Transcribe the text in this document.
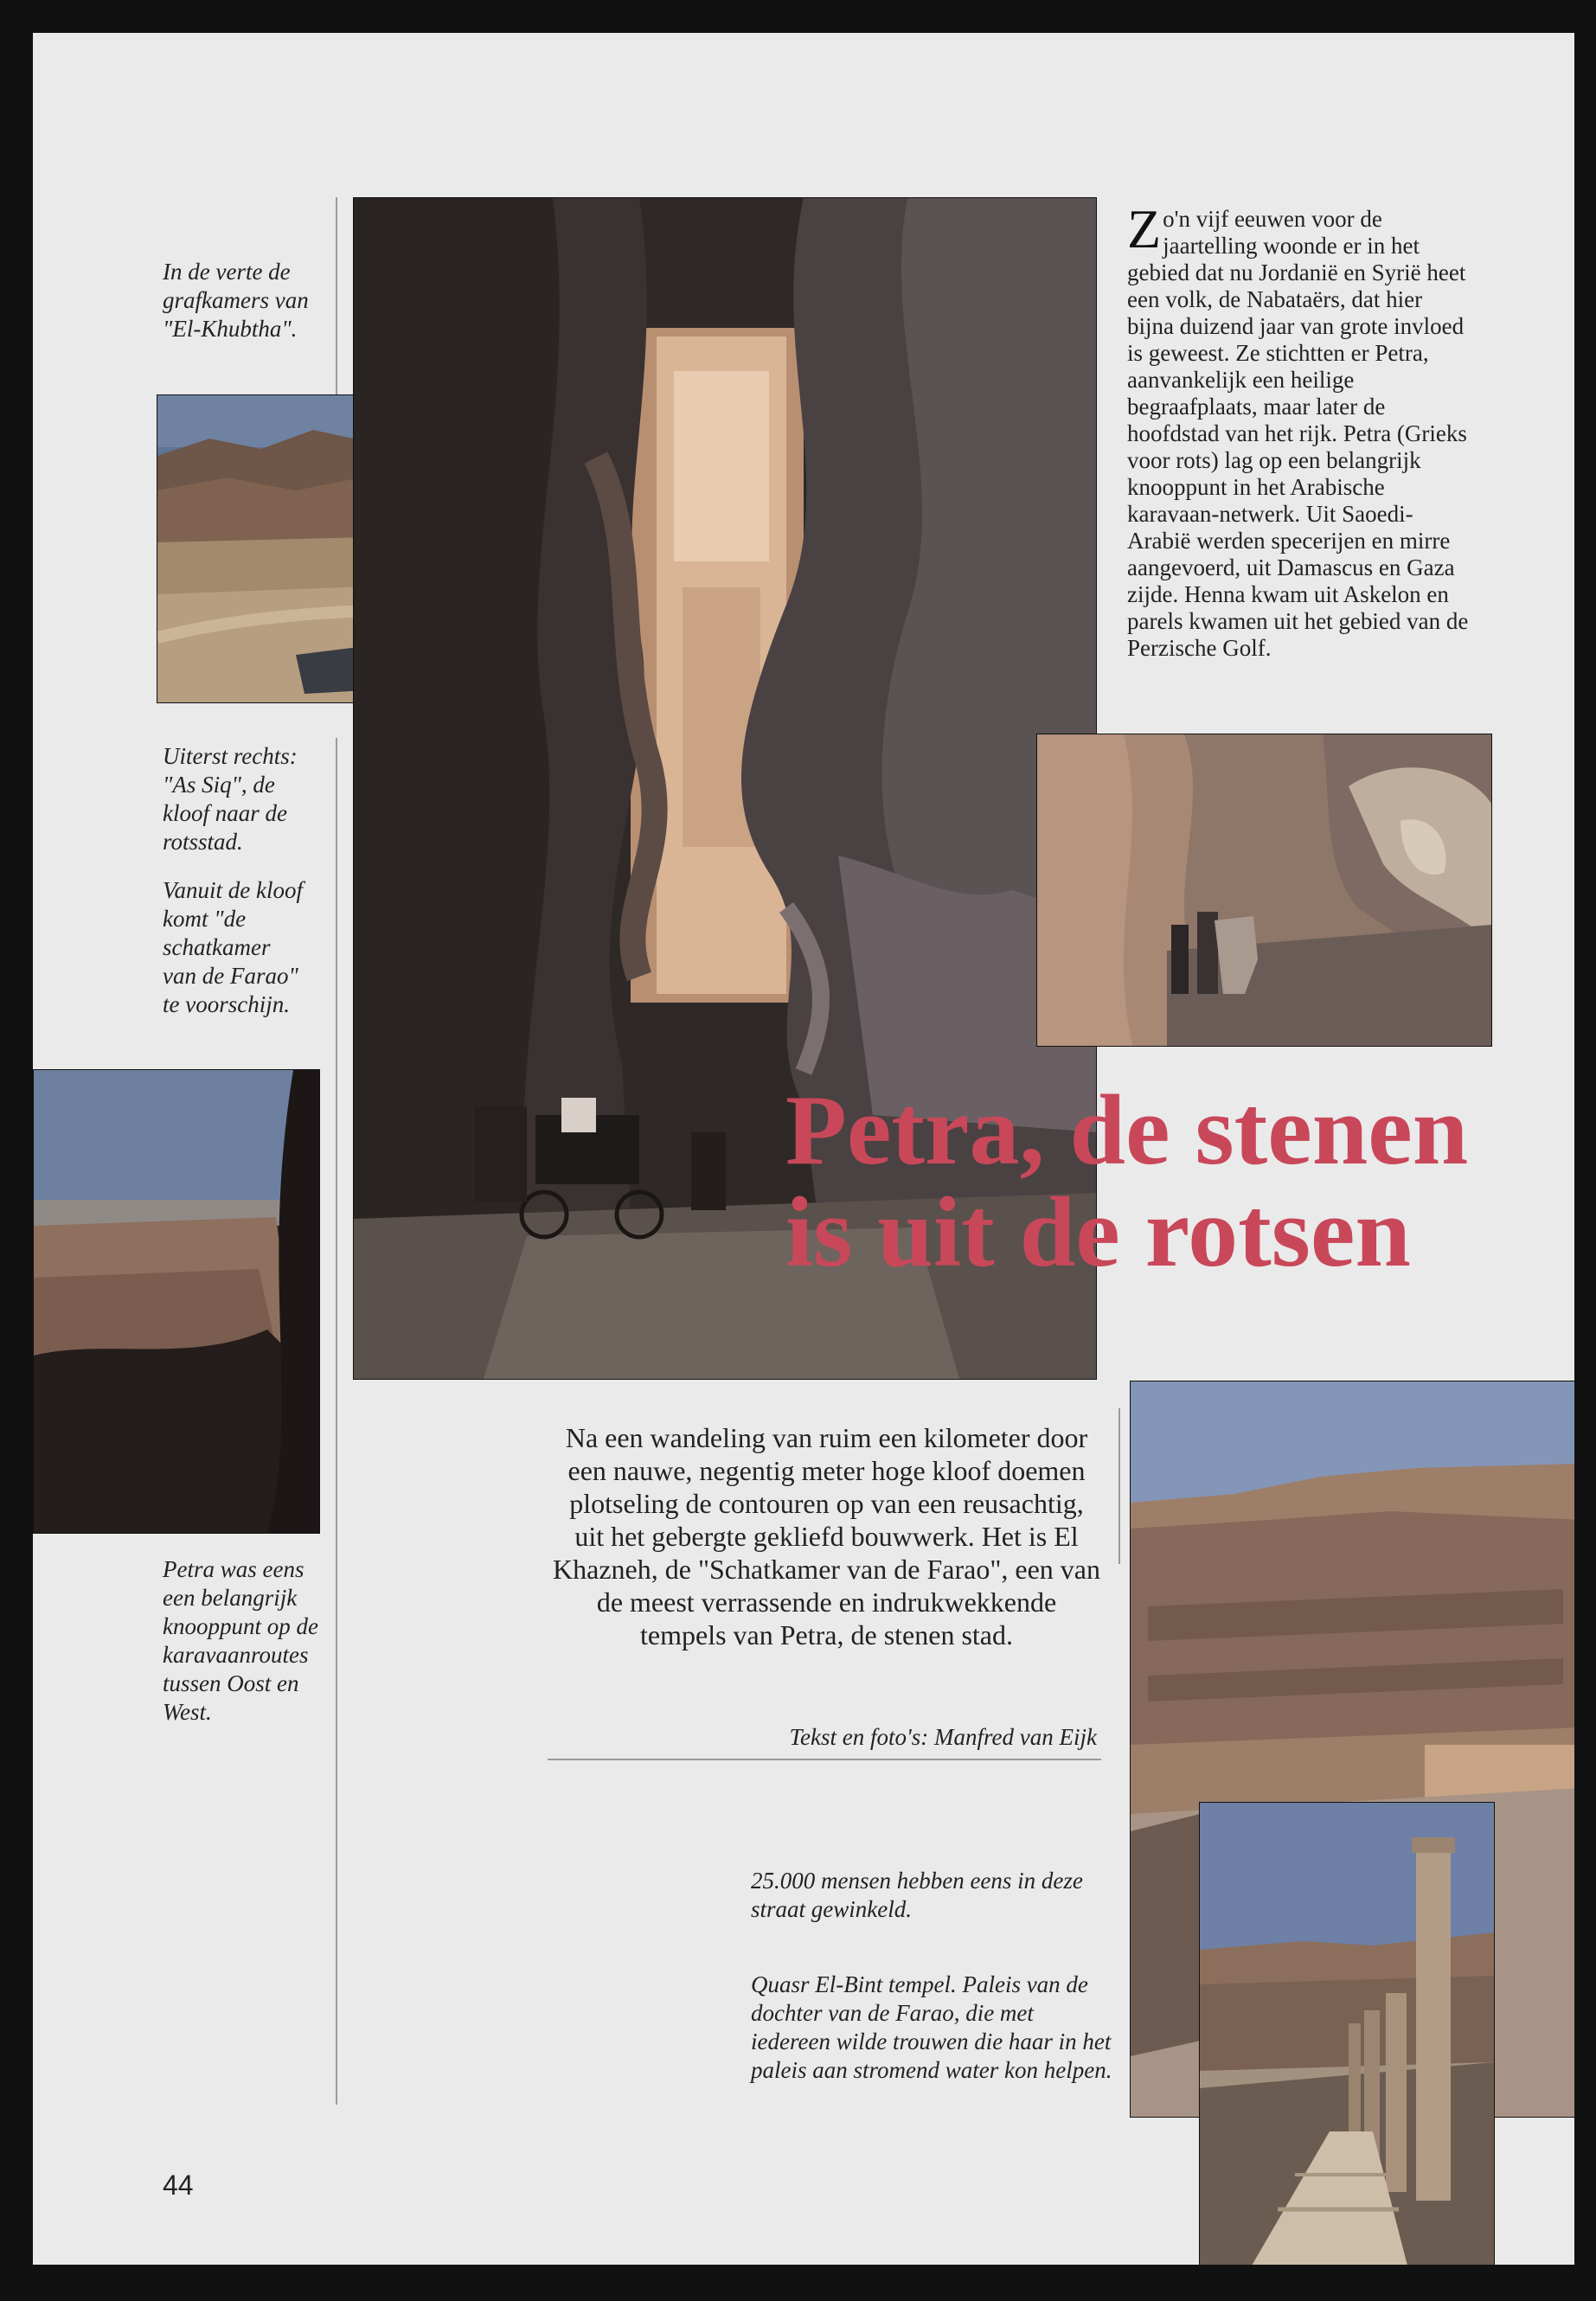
In de verte de grafkamers van "El-Khubtha".

Uiterst rechts: "As Siq", de kloof naar de rotsstad.

Vanuit de kloof komt "de schatkamer van de Farao" te voorschijn.

Petra was eens een belangrijk knooppunt op de karavaanroutes tussen Oost en West.

Zo'n vijf eeuwen voor de jaartelling woonde er in het gebied dat nu Jordanië en Syrië heet een volk, de Nabataërs, dat hier bijna duizend jaar van grote invloed is geweest. Ze stichtten er Petra, aanvankelijk een heilige begraafplaats, maar later de hoofdstad van het rijk. Petra (Grieks voor rots) lag op een belangrijk knooppunt in het Arabische karavaan-netwerk. Uit Saoedi-Arabië werden specerijen en mirre aangevoerd, uit Damascus en Gaza zijde. Henna kwam uit Askelon en parels kwamen uit het gebied van de Perzische Golf.

Petra, de stenen
is uit de rotsen

Na een wandeling van ruim een kilometer door een nauwe, negentig meter hoge kloof doemen plotseling de contouren op van een reusachtig, uit het gebergte gekliefd bouwwerk. Het is El Khazneh, de "Schatkamer van de Farao", een van de meest verrassende en indrukwekkende tempels van Petra, de stenen stad.

Tekst en foto's: Manfred van Eijk

25.000 mensen hebben eens in deze straat gewinkeld.

Quasr El-Bint tempel. Paleis van de dochter van de Farao, die met iedereen wilde trouwen die haar in het paleis aan stromend water kon helpen.

44
